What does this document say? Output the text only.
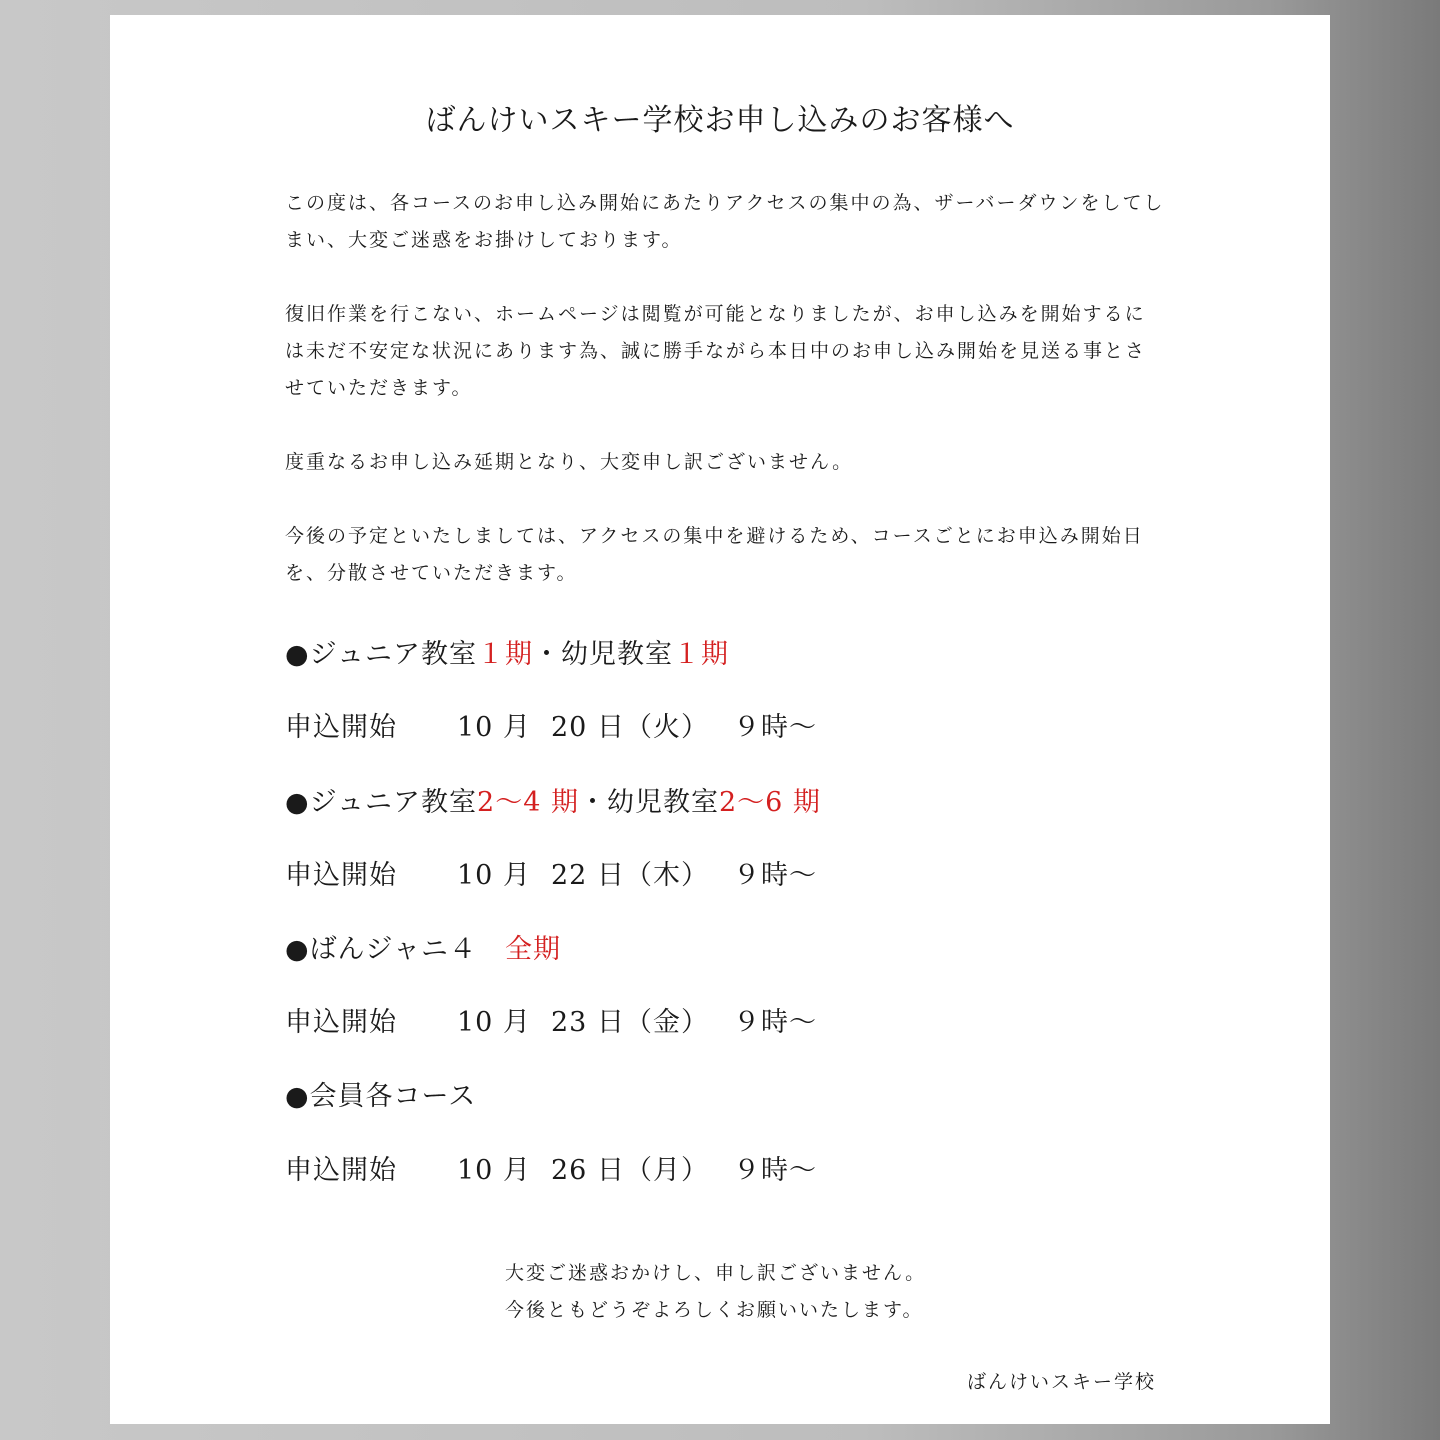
ばんけいスキー学校お申し込みのお客様へ

この度は、各コースのお申し込み開始にあたりアクセスの集中の為、ザーバーダウンをしてしまい、大変ご迷惑をお掛けしております。

復旧作業を行こない、ホームページは閲覧が可能となりましたが、お申し込みを開始するには未だ不安定な状況にあります為、誠に勝手ながら本日中のお申し込み開始を見送る事とさせていただきます。

度重なるお申し込み延期となり、大変申し訳ございません。

今後の予定といたしましては、アクセスの集中を避けるため、コースごとにお申込み開始日を、分散させていただきます。

●ジュニア教室１期・幼児教室１期
申込開始 10 月 20 日（火） ９時〜
●ジュニア教室2〜4 期・幼児教室2〜6 期
申込開始 10 月 22 日（木） ９時〜
●ばんジャニ４ 全期
申込開始 10 月 23 日（金） ９時〜
●会員各コース
申込開始 10 月 26 日（月） ９時〜
大変ご迷惑おかけし、申し訳ございません。
今後ともどうぞよろしくお願いいたします。
ばんけいスキー学校
